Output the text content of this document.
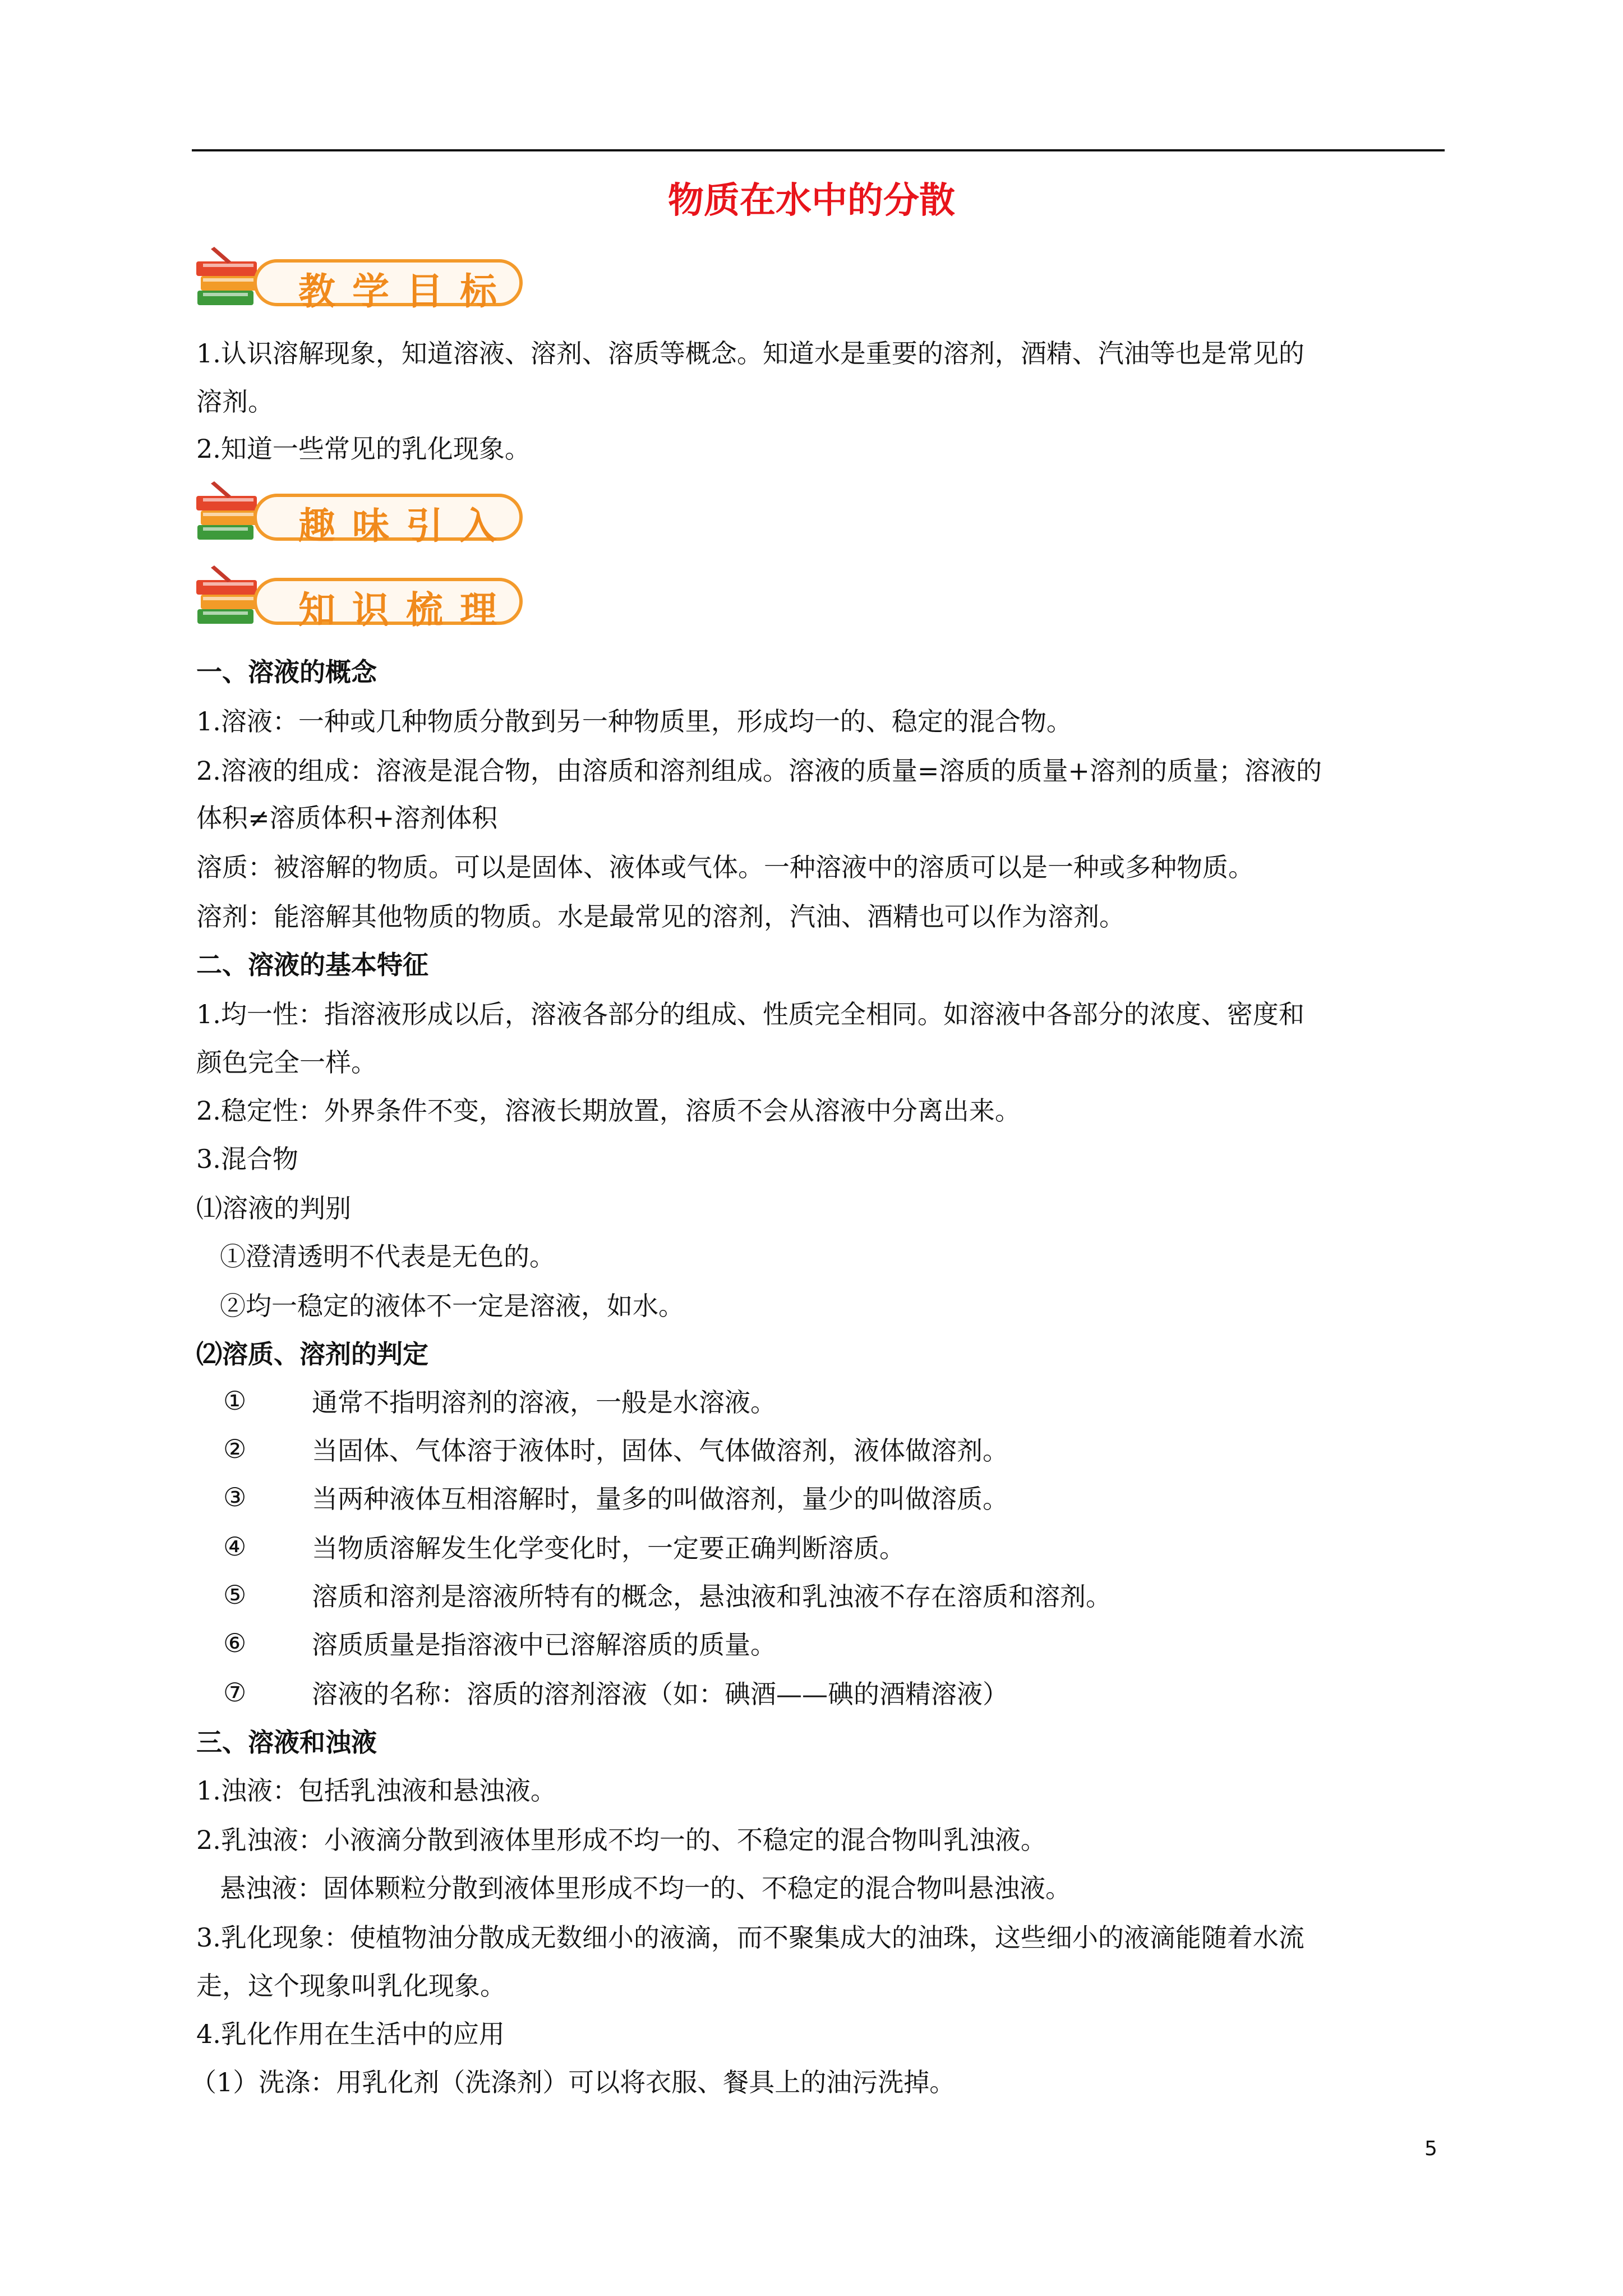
物质在水中的分散
教学目标
1.认识溶解现象，知道溶液、溶剂、溶质等概念。知道水是重要的溶剂，酒精、汽油等也是常见的
溶剂。
2.知道一些常见的乳化现象。
趣味引入
知识梳理
一、溶液的概念
1.溶液：一种或几种物质分散到另一种物质里，形成均一的、稳定的混合物。
2.溶液的组成：溶液是混合物，由溶质和溶剂组成。溶液的质量=溶质的质量+溶剂的质量；溶液的
体积≠溶质体积+溶剂体积
溶质：被溶解的物质。可以是固体、液体或气体。一种溶液中的溶质可以是一种或多种物质。
溶剂：能溶解其他物质的物质。水是最常见的溶剂，汽油、酒精也可以作为溶剂。
二、溶液的基本特征
1.均一性：指溶液形成以后，溶液各部分的组成、性质完全相同。如溶液中各部分的浓度、密度和
颜色完全一样。
2.稳定性：外界条件不变，溶液长期放置，溶质不会从溶液中分离出来。
3.混合物
⑴溶液的判别
①澄清透明不代表是无色的。
②均一稳定的液体不一定是溶液，如水。
⑵溶质、溶剂的判定
①	通常不指明溶剂的溶液，一般是水溶液。
②	当固体、气体溶于液体时，固体、气体做溶剂，液体做溶剂。
③	当两种液体互相溶解时，量多的叫做溶剂，量少的叫做溶质。
④	当物质溶解发生化学变化时，一定要正确判断溶质。
⑤	溶质和溶剂是溶液所特有的概念，悬浊液和乳浊液不存在溶质和溶剂。
⑥	溶质质量是指溶液中已溶解溶质的质量。
⑦	溶液的名称：溶质的溶剂溶液（如：碘酒——碘的酒精溶液）
三、溶液和浊液
1.浊液：包括乳浊液和悬浊液。
2.乳浊液：小液滴分散到液体里形成不均一的、不稳定的混合物叫乳浊液。
悬浊液：固体颗粒分散到液体里形成不均一的、不稳定的混合物叫悬浊液。
3.乳化现象：使植物油分散成无数细小的液滴，而不聚集成大的油珠，这些细小的液滴能随着水流
走，这个现象叫乳化现象。
4.乳化作用在生活中的应用
（1）洗涤：用乳化剂（洗涤剂）可以将衣服、餐具上的油污洗掉。
5
